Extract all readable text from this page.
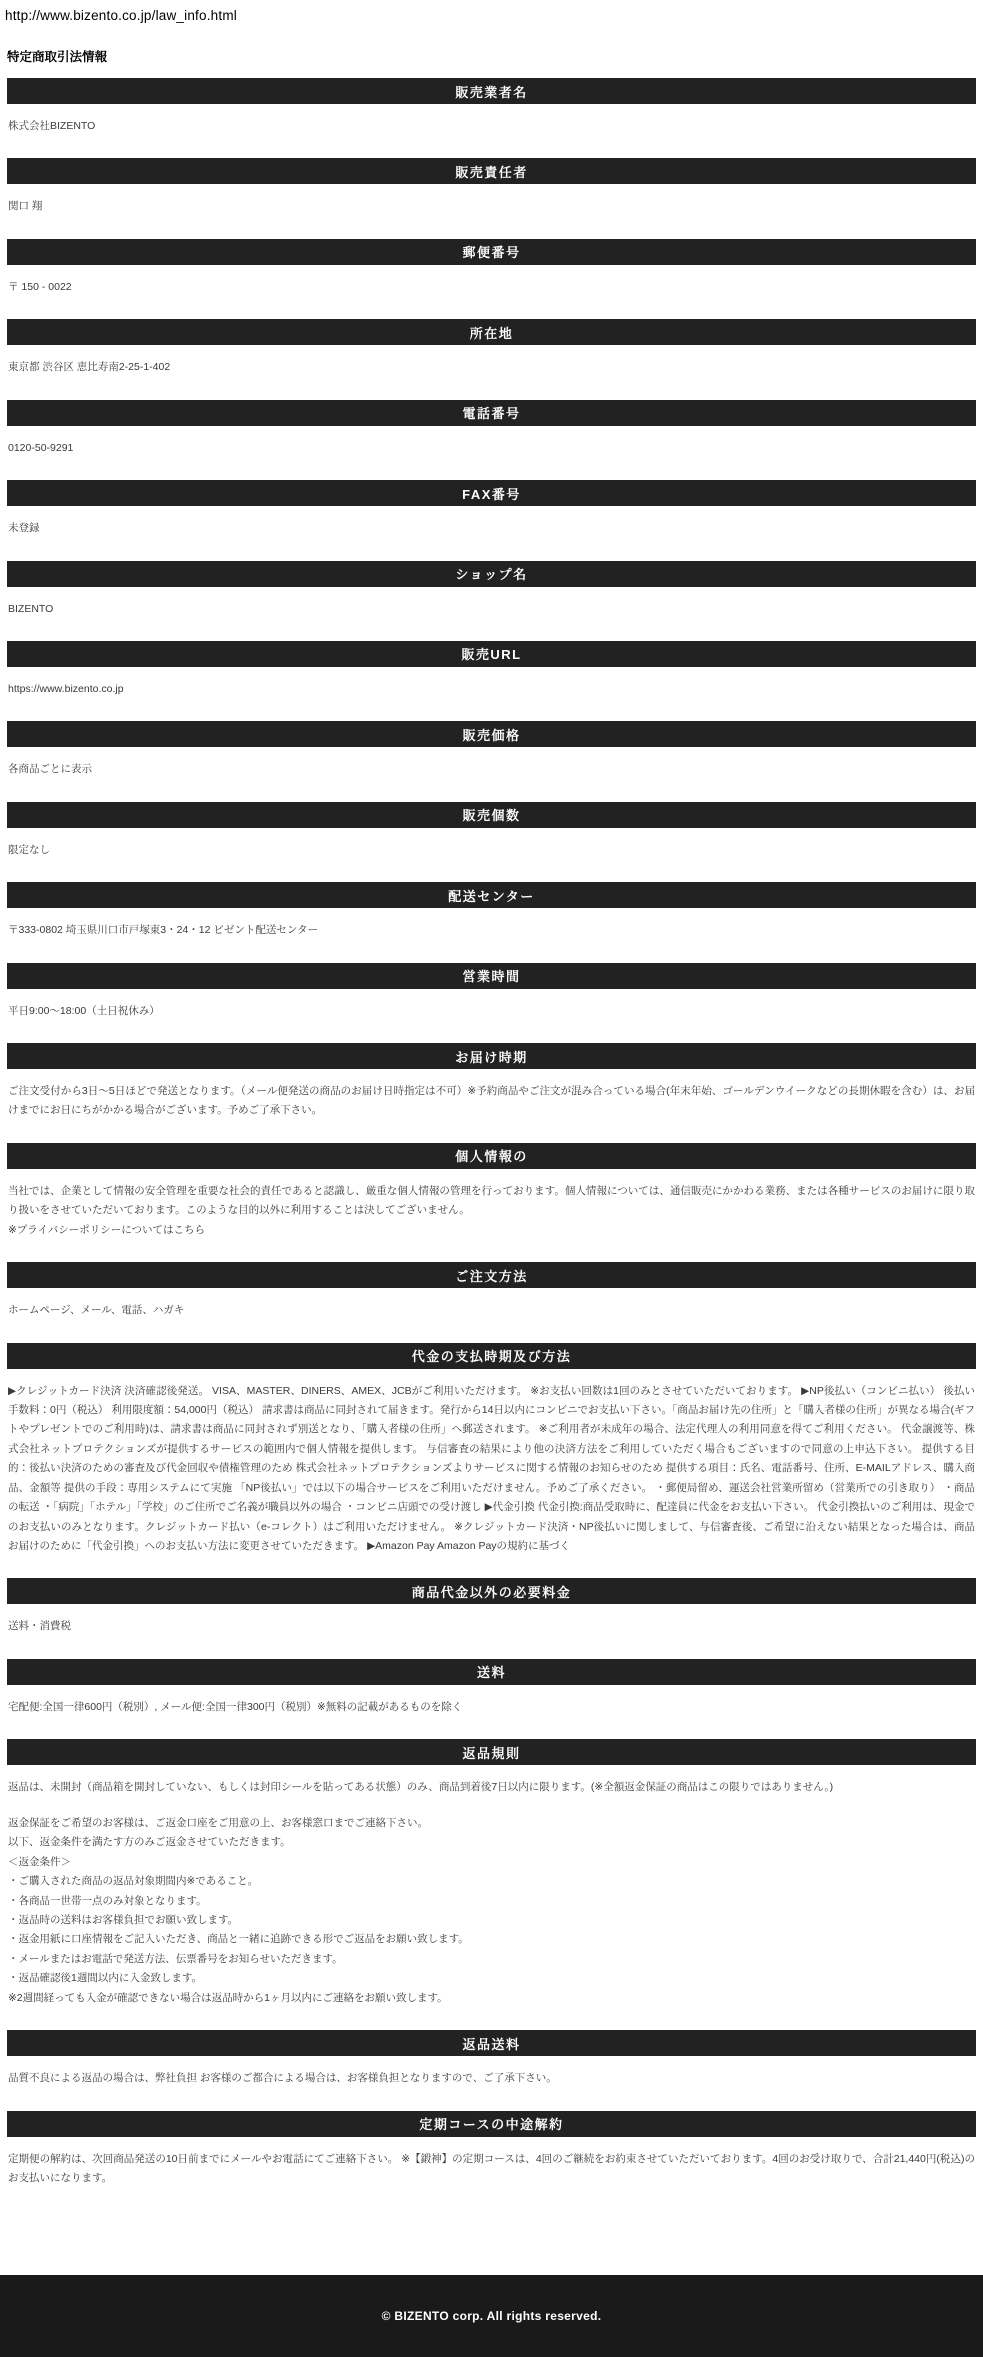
http://www.bizento.co.jp/law_info.html
特定商取引法情報
販売業者名
株式会社BIZENTO
販売責任者
関口 翔
郵便番号
〒 150 - 0022
所在地
東京都 渋谷区 恵比寿南2-25-1-402
電話番号
0120-50-9291
FAX番号
未登録
ショップ名
BIZENTO
販売URL
https://www.bizento.co.jp
販売価格
各商品ごとに表示
販売個数
限定なし
配送センター
〒333-0802 埼玉県川口市戸塚東3・24・12 ビゼント配送センター
営業時間
平日9:00～18:00（土日祝休み）
お届け時期
ご注文受付から3日～5日ほどで発送となります。（メール便発送の商品のお届け日時指定は不可）※予約商品やご注文が混み合っている場合(年末年始、ゴールデンウイークなどの長期休暇を含む）は、お届けまでにお日にちがかかる場合がございます。予めご了承下さい。
個人情報の
当社では、企業として情報の安全管理を重要な社会的責任であると認識し、厳重な個人情報の管理を行っております。個人情報については、通信販売にかかわる業務、または各種サービスのお届けに限り取り扱いをさせていただいております。このような目的以外に利用することは決してございません。
※プライバシーポリシーについてはこちら
ご注文方法
ホームページ、メール、電話、ハガキ
代金の支払時期及び方法
▶クレジットカード決済 決済確認後発送。 VISA、MASTER、DINERS、AMEX、JCBがご利用いただけます。 ※お支払い回数は1回のみとさせていただいております。 ▶NP後払い（コンビニ払い） 後払い手数料：0円（税込） 利用限度額：54,000円（税込） 請求書は商品に同封されて届きます。発行から14日以内にコンビニでお支払い下さい。「商品お届け先の住所」と「購入者様の住所」が異なる場合(ギフトやプレゼントでのご利用時)は、請求書は商品に同封されず別送となり、「購入者様の住所」へ郵送されます。 ※ご利用者が未成年の場合、法定代理人の利用同意を得てご利用ください。 代金譲渡等、株式会社ネットプロテクションズが提供するサービスの範囲内で個人情報を提供します。 与信審査の結果により他の決済方法をご利用していただく場合もございますので同意の上申込下さい。 提供する目的：後払い決済のための審査及び代金回収や債権管理のため 株式会社ネットプロテクションズよりサービスに関する情報のお知らせのため 提供する項目：氏名、電話番号、住所、E-MAILアドレス、購入商品、金額等 提供の手段：専用システムにて実施 「NP後払い」では以下の場合サービスをご利用いただけません。予めご了承ください。 ・郵便局留め、運送会社営業所留め（営業所での引き取り） ・商品の転送 ・「病院」「ホテル」「学校」のご住所でご名義が職員以外の場合 ・コンビニ店頭での受け渡し ▶代金引換 代金引換:商品受取時に、配達員に代金をお支払い下さい。 代金引換払いのご利用は、現金でのお支払いのみとなります。クレジットカード払い（e-コレクト）はご利用いただけません。 ※クレジットカード決済・NP後払いに関しまして、与信審査後、ご希望に沿えない結果となった場合は、商品お届けのために「代金引換」へのお支払い方法に変更させていただきます。 ▶Amazon Pay Amazon Payの規約に基づく
商品代金以外の必要料金
送料・消費税
送料
宅配便:全国一律600円（税別）, メール便:全国一律300円（税別）※無料の記載があるものを除く
返品規則
返品は、未開封（商品箱を開封していない、もしくは封印シールを貼ってある状態）のみ、商品到着後7日以内に限ります。(※全額返金保証の商品はこの限りではありません。)
返金保証をご希望のお客様は、ご返金口座をご用意の上、お客様窓口までご連絡下さい。
以下、返金条件を満たす方のみご返金させていただきます。
＜返金条件＞
・ご購入された商品の返品対象期間内※であること。
・各商品一世帯一点のみ対象となります。
・返品時の送料はお客様負担でお願い致します。
・返金用紙に口座情報をご記入いただき、商品と一緒に追跡できる形でご返品をお願い致します。
・メールまたはお電話で発送方法、伝票番号をお知らせいただきます。
・返品確認後1週間以内に入金致します。
※2週間経っても入金が確認できない場合は返品時から1ヶ月以内にご連絡をお願い致します。
返品送料
品質不良による返品の場合は、弊社負担 お客様のご都合による場合は、お客様負担となりますので、ご了承下さい。
定期コースの中途解約
定期便の解約は、次回商品発送の10日前までにメールやお電話にてご連絡下さい。 ※【鍛神】の定期コースは、4回のご継続をお約束させていただいております。4回のお受け取りで、合計21,440円(税込)のお支払いになります。
© BIZENTO corp. All rights reserved.
